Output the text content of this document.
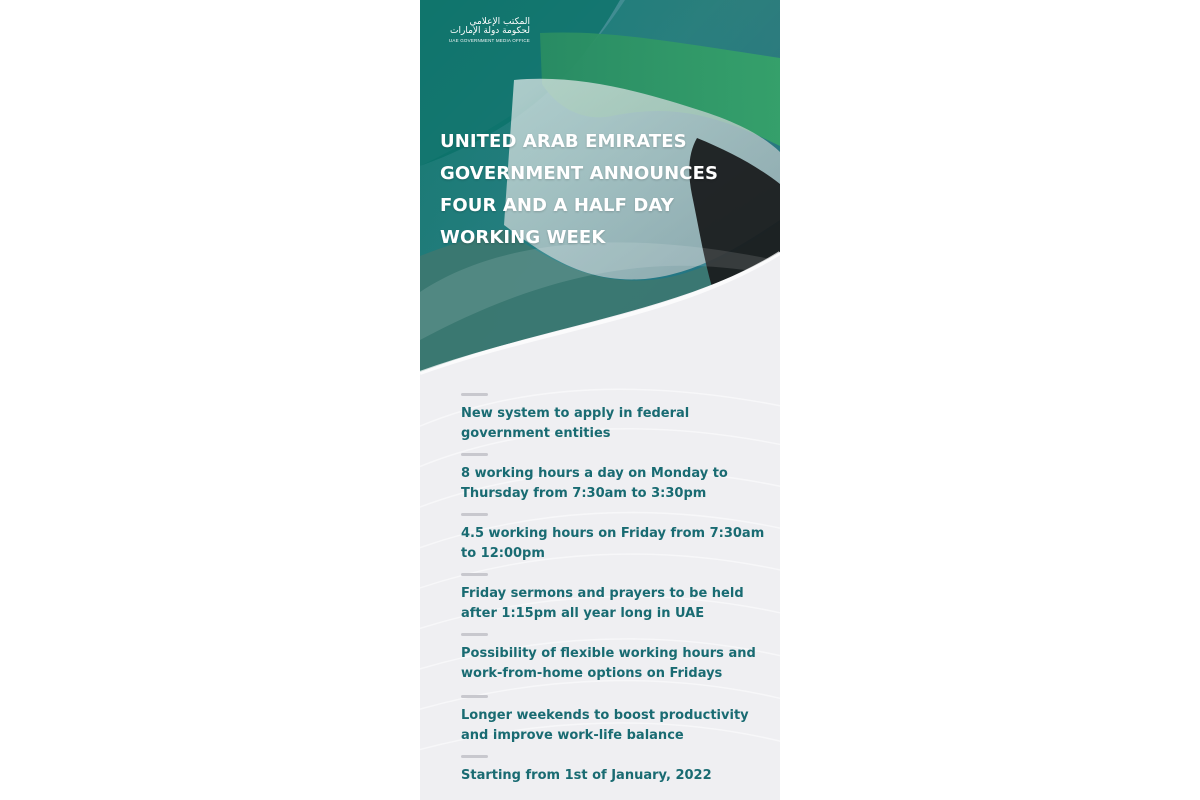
المكتب الإعلامي
لحكومة دولة الإمارات
UAE GOVERNMENT MEDIA OFFICE
UNITED ARAB EMIRATES
GOVERNMENT ANNOUNCES
FOUR AND A HALF DAY
WORKING WEEK
New system to apply in federal
government entities
8 working hours a day on Monday to
Thursday from 7:30am to 3:30pm
4.5 working hours on Friday from 7:30am
to 12:00pm
Friday sermons and prayers to be held
after 1:15pm all year long in UAE
Possibility of flexible working hours and
work-from-home options on Fridays
Longer weekends to boost productivity
and improve work-life balance
Starting from 1st of January, 2022
